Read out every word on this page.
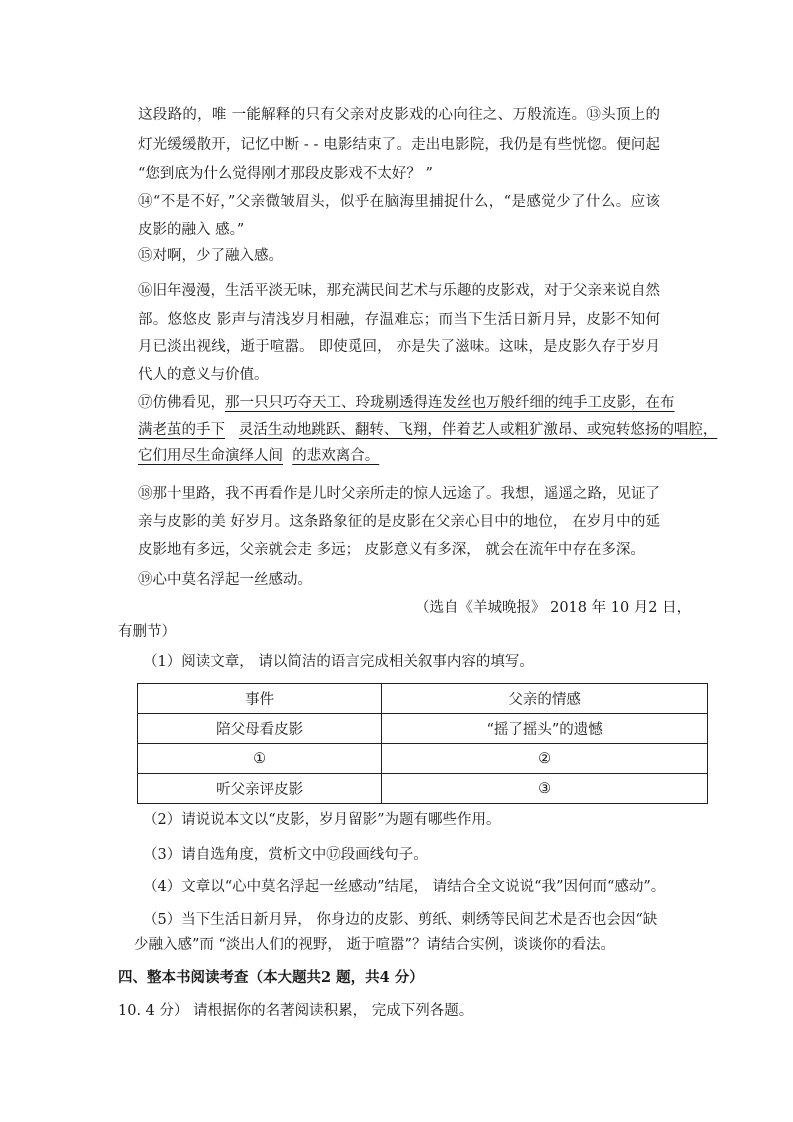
这段路的，唯 一能解释的只有父亲对皮影戏的心向往之、万般流连。⑬头顶上的
灯光缓缓散开，记忆中断 - - 电影结束了。走出电影院，我仍是有些恍惚。便问起
“您到底为什么觉得刚才那段皮影戏不太好？ ”
⑭“不是不好，”父亲微皱眉头，似乎在脑海里捕捉什么，“是感觉少了什么。应该
皮影的融入 感。”
⑮对啊，少了融入感。
⑯旧年漫漫，生活平淡无味，那充满民间艺术与乐趣的皮影戏，对于父亲来说自然
部。悠悠皮 影声与清浅岁月相融，存温难忘；而当下生活日新月异，皮影不知何
月已淡出视线，逝于喧嚣。 即使觅回， 亦是失了滋味。这味，是皮影久存于岁月
代人的意义与价值。
⑰仿佛看见，那一只只巧夺天工、玲珑剔透得连发丝也万般纤细的纯手工皮影，在布
满老茧的手下 灵活生动地跳跃、翻转、飞翔，伴着艺人或粗犷激昂、或宛转悠扬的唱腔，
它们用尽生命演绎人间 的悲欢离合。
⑱那十里路，我不再看作是儿时父亲所走的惊人远途了。我想，遥遥之路，见证了
亲与皮影的美 好岁月。这条路象征的是皮影在父亲心目中的地位， 在岁月中的延
皮影地有多远，父亲就会走 多远； 皮影意义有多深， 就会在流年中存在多深。
⑲心中莫名浮起一丝感动。
（选自《羊城晚报》 2018 年 10 月2 日，
有删节）
（1）阅读文章， 请以简洁的语言完成相关叙事内容的填写。
事件	父亲的情感
陪父母看皮影	“摇了摇头”的遗憾
①	②
听父亲评皮影	③
（2）请说说本文以“皮影，岁月留影”为题有哪些作用。
（3）请自选角度，赏析文中⑰段画线句子。
（4）文章以“心中莫名浮起一丝感动”结尾， 请结合全文说说“我”因何而“感动”。
（5）当下生活日新月异， 你身边的皮影、剪纸、刺绣等民间艺术是否也会因“缺
少融入感”而 “淡出人们的视野， 逝于喧嚣”？请结合实例，谈谈你的看法。
四、整本书阅读考查（本大题共2 题，共4 分）
10. 4 分） 请根据你的名著阅读积累， 完成下列各题。
